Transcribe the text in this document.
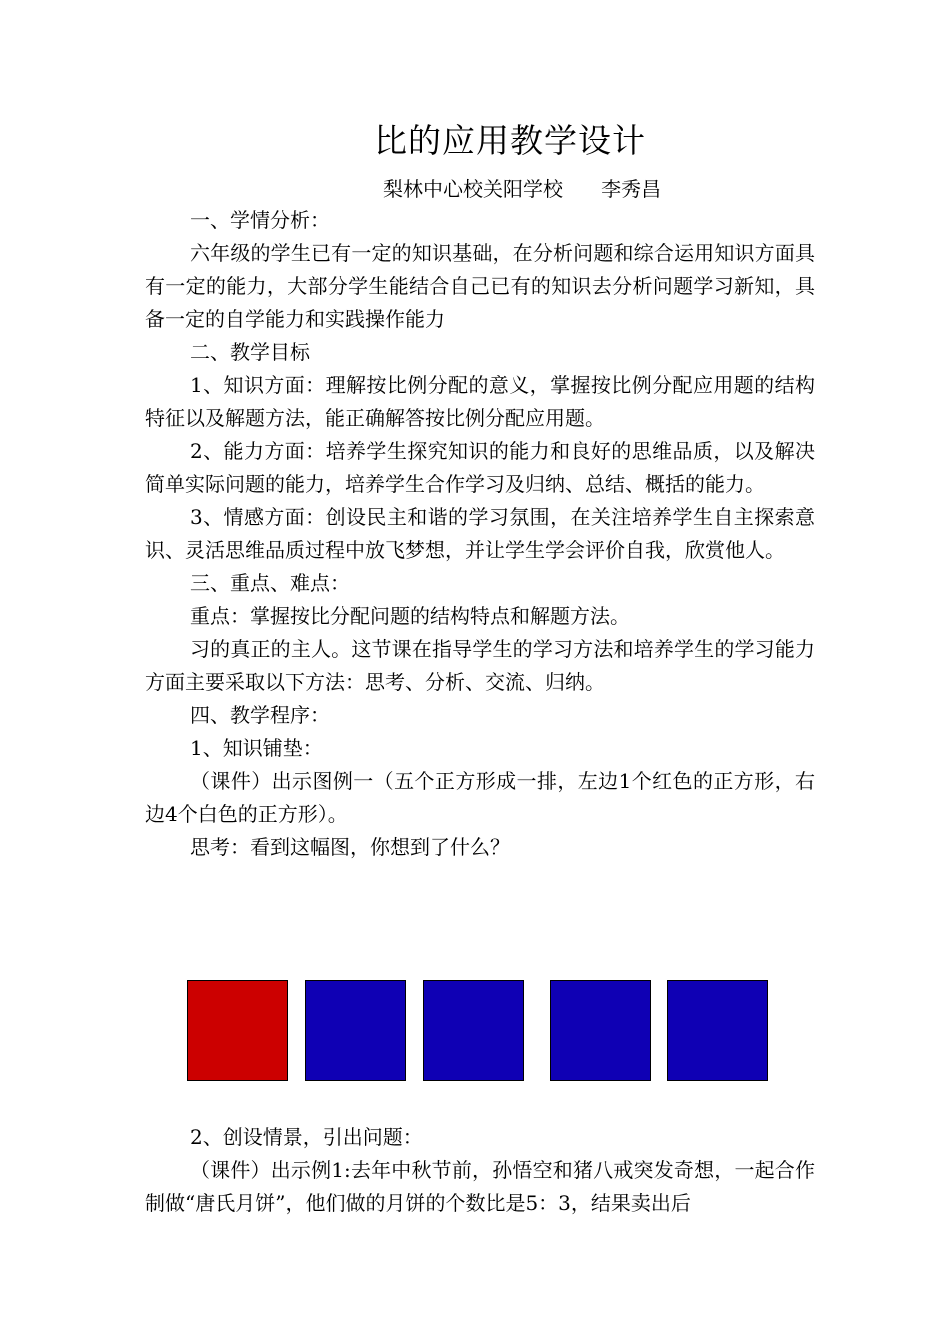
比的应用教学设计
梨林中心校关阳学校      李秀昌

一、学情分析：

六年级的学生已有一定的知识基础，在分析问题和综合运用知识方面具有一定的能力，大部分学生能结合自己已有的知识去分析问题学习新知，具备一定的自学能力和实践操作能力

二、教学目标

1、知识方面：理解按比例分配的意义，掌握按比例分配应用题的结构特征以及解题方法，能正确解答按比例分配应用题。

2、能力方面：培养学生探究知识的能力和良好的思维品质，以及解决简单实际问题的能力，培养学生合作学习及归纳、总结、概括的能力。

3、情感方面：创设民主和谐的学习氛围，在关注培养学生自主探索意识、灵活思维品质过程中放飞梦想，并让学生学会评价自我，欣赏他人。

三、重点、难点：

重点：掌握按比分配问题的结构特点和解题方法。

习的真正的主人。这节课在指导学生的学习方法和培养学生的学习能力方面主要采取以下方法：思考、分析、交流、归纳。

四、教学程序：

1、知识铺垫：

（课件）出示图例一（五个正方形成一排，左边1个红色的正方形，右边4个白色的正方形）。

思考：看到这幅图，你想到了什么？

2、创设情景，引出问题：

（课件）出示例1:去年中秋节前，孙悟空和猪八戒突发奇想，一起合作制做“唐氏月饼”，他们做的月饼的个数比是5：3，结果卖出后
